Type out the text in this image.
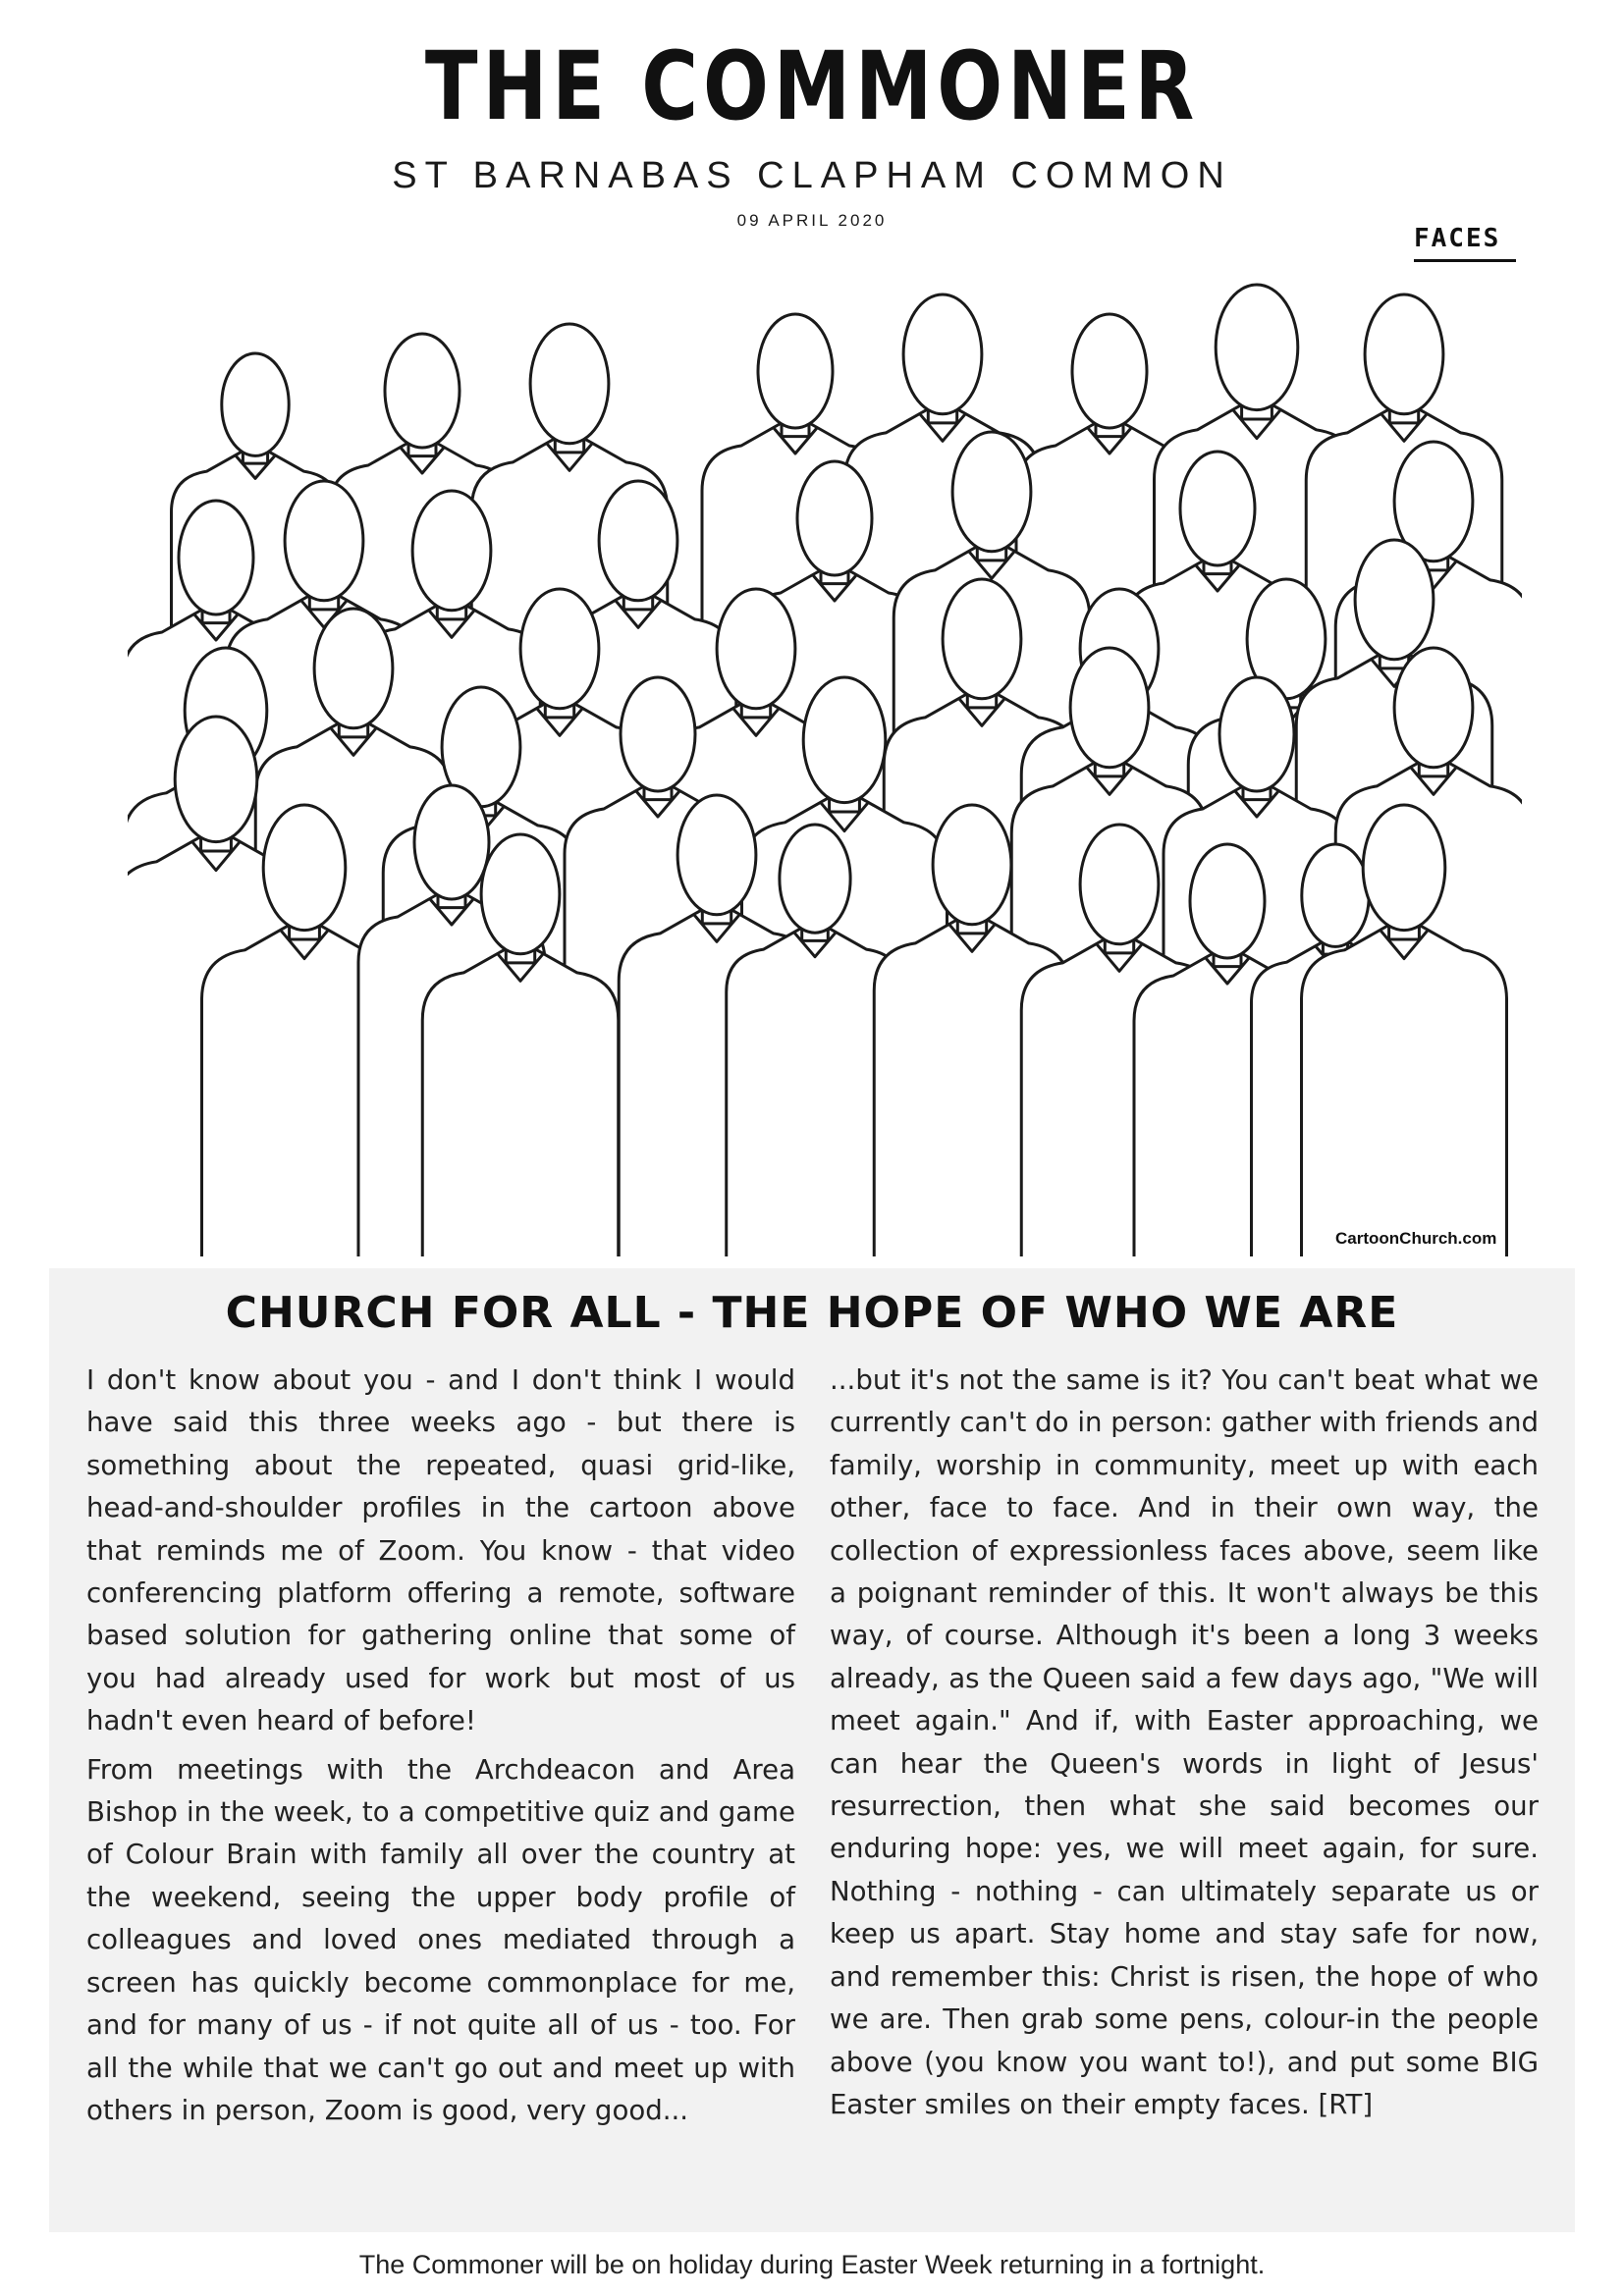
THE COMMONER
ST BARNABAS CLAPHAM COMMON
09 APRIL 2020
FACES
CartoonChurch.com
CHURCH FOR ALL - THE HOPE OF WHO WE ARE

I don't know about you - and I don't think I would have said this three weeks ago - but there is something about the repeated, quasi grid-like, head-and-shoulder profiles in the cartoon above that reminds me of Zoom. You know - that video conferencing platform offering a remote, software based solution for gathering online that some of you had already used for work but most of us hadn't even heard of before!

From meetings with the Archdeacon and Area Bishop in the week, to a competitive quiz and game of Colour Brain with family all over the country at the weekend, seeing the upper body profile of colleagues and loved ones mediated through a screen has quickly become commonplace for me, and for many of us - if not quite all of us - too. For all the while that we can't go out and meet up with others in person, Zoom is good, very good...

...but it's not the same is it? You can't beat what we currently can't do in person: gather with friends and family, worship in community, meet up with each other, face to face. And in their own way, the collection of expressionless faces above, seem like a poignant reminder of this. It won't always be this way, of course. Although it's been a long 3 weeks already, as the Queen said a few days ago, "We will meet again." And if, with Easter approaching, we can hear the Queen's words in light of Jesus' resurrection, then what she said becomes our enduring hope: yes, we will meet again, for sure. Nothing - nothing - can ultimately separate us or keep us apart. Stay home and stay safe for now, and remember this: Christ is risen, the hope of who we are. Then grab some pens, colour-in the people above (you know you want to!), and put some BIG Easter smiles on their empty faces. [RT]

The Commoner will be on holiday during Easter Week returning in a fortnight.
